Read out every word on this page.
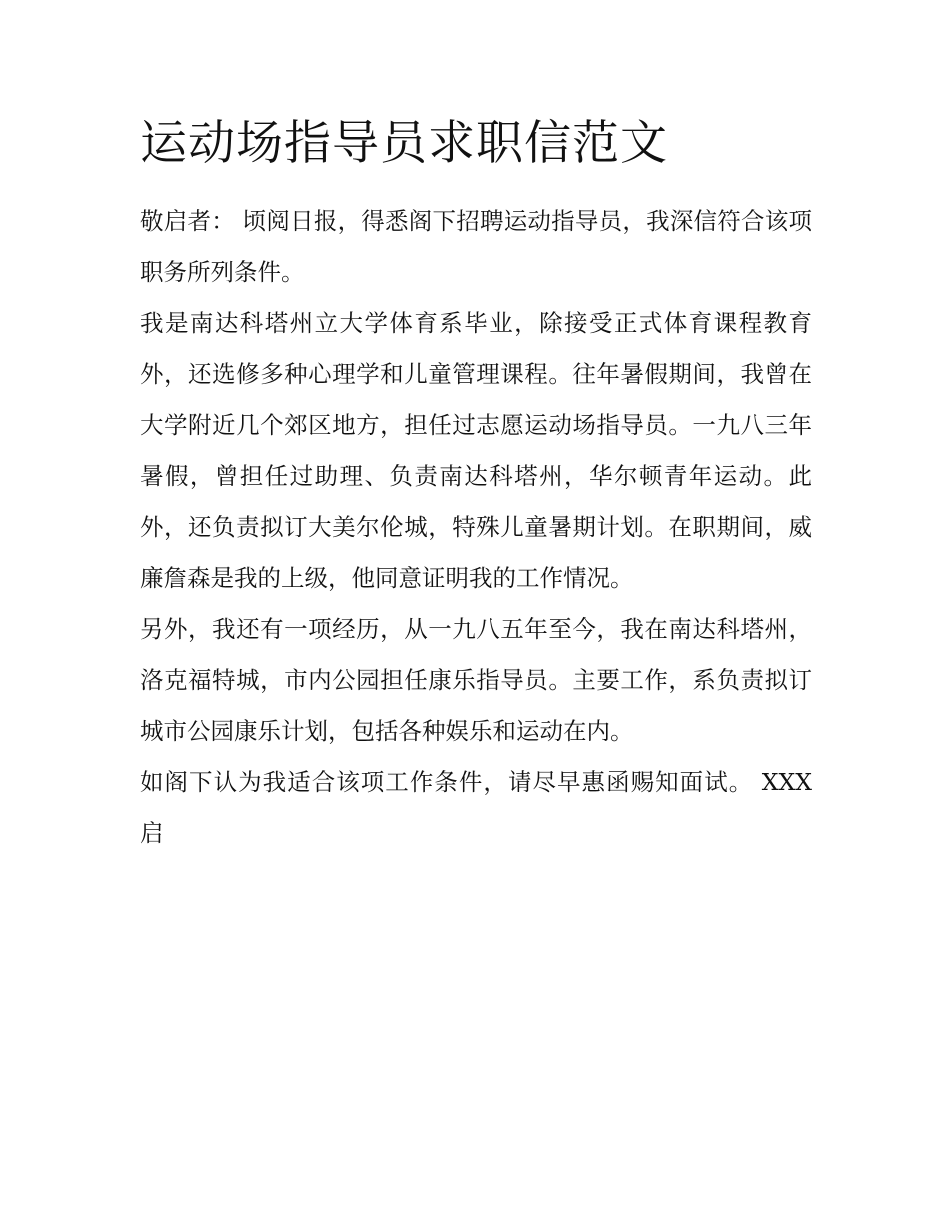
运动场指导员求职信范文

敬启者： 顷阅日报，得悉阁下招聘运动指导员，我深信符合该项职务所列条件。

我是南达科塔州立大学体育系毕业，除接受正式体育课程教育外，还选修多种心理学和儿童管理课程。往年暑假期间，我曾在大学附近几个郊区地方，担任过志愿运动场指导员。一九八三年暑假，曾担任过助理、负责南达科塔州，华尔顿青年运动。此外，还负责拟订大美尔伦城，特殊儿童暑期计划。在职期间，威廉詹森是我的上级，他同意证明我的工作情况。

另外，我还有一项经历，从一九八五年至今，我在南达科塔州，洛克福特城，市内公园担任康乐指导员。主要工作，系负责拟订城市公园康乐计划，包括各种娱乐和运动在内。

如阁下认为我适合该项工作条件，请尽早惠函赐知面试。 XXX 启
